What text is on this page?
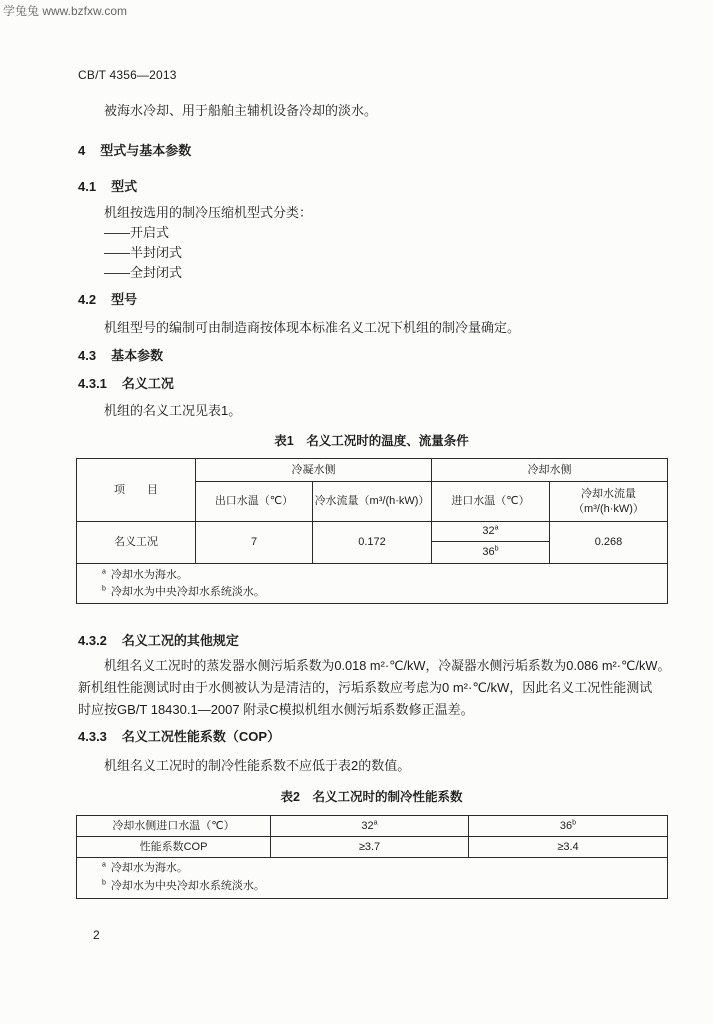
学兔兔 www.bzfxw.com
CB/T 4356—2013
被海水冷却、用于船舶主辅机设备冷却的淡水。
4 型式与基本参数
4.1 型式
机组按选用的制冷压缩机型式分类：
——开启式
——半封闭式
——全封闭式
4.2 型号
机组型号的编制可由制造商按体现本标准名义工况下机组的制冷量确定。
4.3 基本参数
4.3.1 名义工况
机组的名义工况见表1。
表1　名义工况时的温度、流量条件
项　　目	冷凝水侧		冷却水侧	
	出口水温（℃）	冷水流量（m³/(h·kW)）	进口水温（℃）	冷却水流量
（m³/(h·kW)）

名义工况	7	0.172	32$^a$	0.268
			36$^b$

$^a$ 冷却水为海水。
$^b$ 冷却水为中央冷却水系统淡水。				
4.3.2 名义工况的其他规定
机组名义工况时的蒸发器水侧污垢系数为0.018 m²·℃/kW，冷凝器水侧污垢系数为0.086 m²·℃/kW。
新机组性能测试时由于水侧被认为是清洁的，污垢系数应考虑为0 m²·℃/kW，因此名义工况性能测试
时应按GB/T 18430.1—2007 附录C模拟机组水侧污垢系数修正温差。
4.3.3 名义工况性能系数（COP）
机组名义工况时的制冷性能系数不应低于表2的数值。
表2　名义工况时的制冷性能系数
冷却水侧进口水温（℃）	32$^a$	36$^b$
性能系数COP	≥3.7	≥3.4

$^a$ 冷却水为海水。
$^b$ 冷却水为中央冷却水系统淡水。		
2
